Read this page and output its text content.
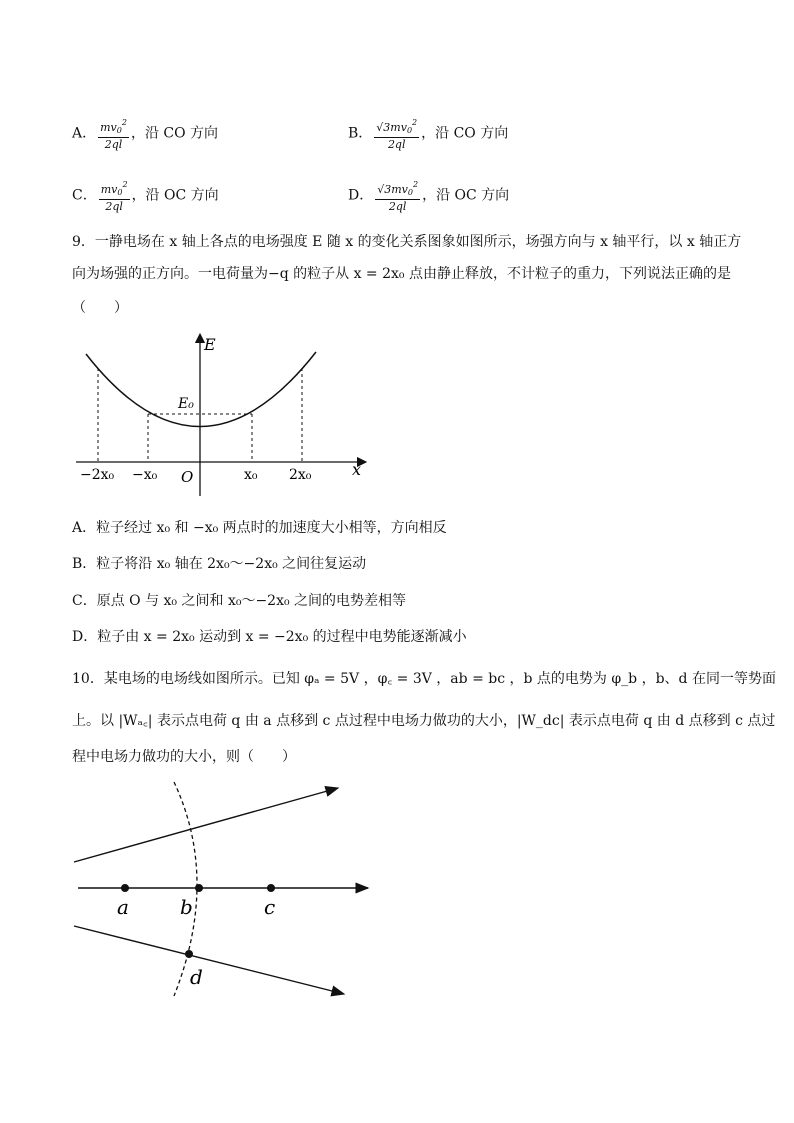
A． $\frac{mv_0^2}{2ql}$ ，沿 CO 方向	B． $\frac{√3mv_0^2}{2ql}$ ，沿 CO 方向
C． $\frac{mv_0^2}{2ql}$ ，沿 OC 方向	D． $\frac{√3mv_0^2}{2ql}$ ，沿 OC 方向
9．一静电场在 x 轴上各点的电场强度 E 随 x 的变化关系图象如图所示，场强方向与 x 轴平行，以 x 轴正方
向为场强的正方向。一电荷量为−q 的粒子从 x = 2x₀ 点由静止释放，不计粒子的重力，下列说法正确的是
（　　）
E
E₀
O	x
−2x₀ −x₀	x₀ 2x₀
A．粒子经过 x₀ 和 −x₀ 两点时的加速度大小相等，方向相反
B．粒子将沿 x₀ 轴在 2x₀～−2x₀ 之间往复运动
C．原点 O 与 x₀ 之间和 x₀～−2x₀ 之间的电势差相等
D．粒子由 x = 2x₀ 运动到 x = −2x₀ 的过程中电势能逐渐减小
10．某电场的电场线如图所示。已知 φₐ = 5V ，φ꜀ = 3V ，ab = bc ，b 点的电势为 φ_b ，b、d 在同一等势面
上。以 |Wₐ꜀| 表示点电荷 q 由 a 点移到 c 点过程中电场力做功的大小，|W_dc| 表示点电荷 q 由 d 点移到 c 点过
程中电场力做功的大小，则（　　）
a	b	c
d
